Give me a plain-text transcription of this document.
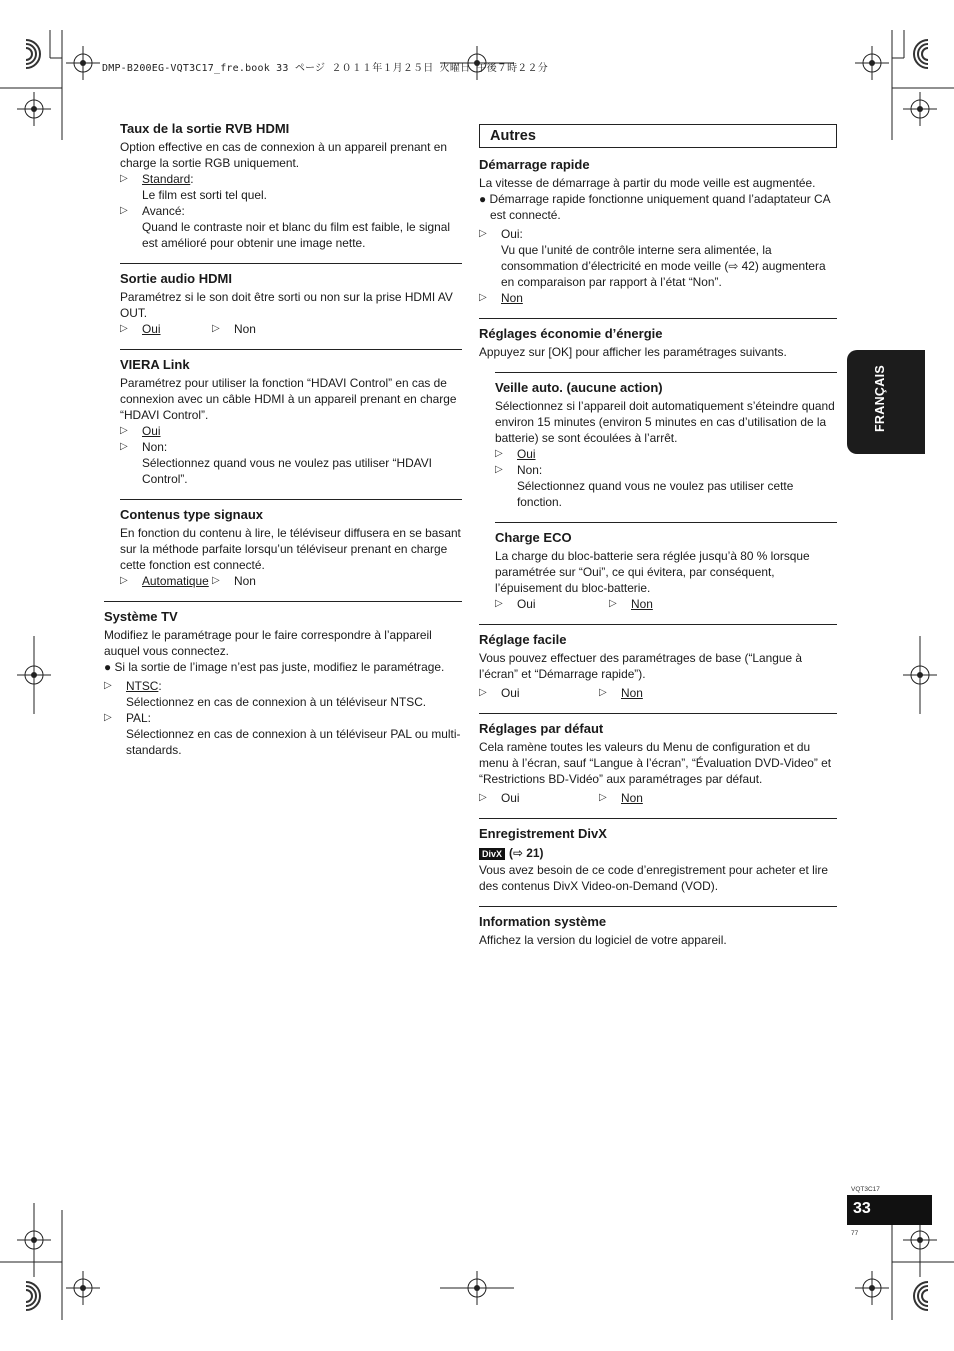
DMP-B200EG-VQT3C17_fre.book 33 ページ ２０１１年１月２５日 火曜日 午後７時２２分
Taux de la sortie RVB HDMI

Option effective en cas de connexion à un appareil prenant en charge la sortie RGB uniquement.

▷	Standard:
Le film est sorti tel quel.
▷	Avancé:
Quand le contraste noir et blanc du film est faible, le signal est amélioré pour obtenir une image nette.
Sortie audio HDMI

Paramétrez si le son doit être sorti ou non sur la prise HDMI AV OUT.

▷	Oui	▷	Non
VIERA Link

Paramétrez pour utiliser la fonction “HDAVI Control” en cas de connexion avec un câble HDMI à un appareil prenant en charge “HDAVI Control”.

▷	Oui
▷	Non:
Sélectionnez quand vous ne voulez pas utiliser “HDAVI Control”.
Contenus type signaux

En fonction du contenu à lire, le téléviseur diffusera en se basant sur la méthode parfaite lorsqu’un téléviseur prenant en charge cette fonction est connecté.

▷	Automatique ▷	Non
Système TV

Modifiez le paramétrage pour le faire correspondre à l’appareil auquel vous connectez.

● Si la sortie de l’image n’est pas juste, modifiez le paramétrage.

▷	NTSC:
Sélectionnez en cas de connexion à un téléviseur NTSC.
▷	PAL:
Sélectionnez en cas de connexion à un téléviseur PAL ou multi-standards.
Autres
Démarrage rapide

La vitesse de démarrage à partir du mode veille est augmentée.

● Démarrage rapide fonctionne uniquement quand l’adaptateur CA est connecté.

▷	Oui:
Vu que l’unité de contrôle interne sera alimentée, la consommation d’électricité en mode veille (⇨ 42) augmentera en comparaison par rapport à l’état “Non”.
▷	Non
Réglages économie d’énergie

Appuyez sur [OK] pour afficher les paramétrages suivants.

Veille auto. (aucune action)

Sélectionnez si l’appareil doit automatiquement s’éteindre quand environ 15 minutes (environ 5 minutes en cas d’utilisation de la batterie) se sont écoulées à l’arrêt.

▷	Oui
▷	Non:
Sélectionnez quand vous ne voulez pas utiliser cette fonction.
Charge ECO

La charge du bloc-batterie sera réglée jusqu’à 80 % lorsque paramétrée sur “Oui”, ce qui évitera, par conséquent, l’épuisement du bloc-batterie.

▷	Oui	▷	Non
Réglage facile

Vous pouvez effectuer des paramétrages de base (“Langue à l’écran” et “Démarrage rapide”).

▷	Oui	▷	Non
Réglages par défaut

Cela ramène toutes les valeurs du Menu de configuration et du menu à l’écran, sauf “Langue à l’écran”, “Évaluation DVD-Video” et “Restrictions BD-Vidéo” aux paramétrages par défaut.

▷	Oui	▷	Non
Enregistrement DivX
DivX (⇨ 21)

Vous avez besoin de ce code d’enregistrement pour acheter et lire des contenus DivX Video-on-Demand (VOD).

Information système

Affichez la version du logiciel de votre appareil.

FRANÇAIS
VQT3C17
33
77
